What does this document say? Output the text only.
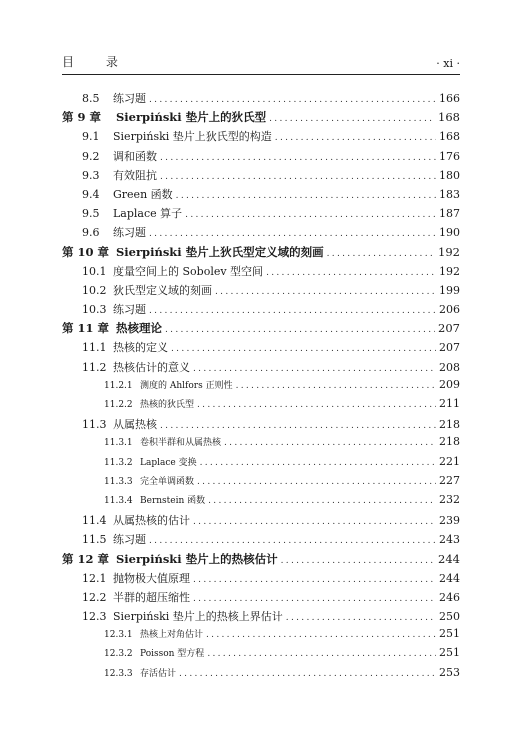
目 录	· xi ·
8.5	练习题 .....	166
第 9 章	Sierpiński 垫片上的狄氏型 .....	168
9.1	Sierpiński 垫片上狄氏型的构造 .....	168
9.2	调和函数 .....	176
9.3	有效阻抗 .....	180
9.4	Green 函数 .....	183
9.5	Laplace 算子 .....	187
9.6	练习题 .....	190
第 10 章 Sierpiński 垫片上狄氏型定义域的刻画 .....	192
10.1 度量空间上的 Sobolev 型空间 .....	192
10.2 狄氏型定义域的刻画 .....	199
10.3 练习题 .....	206
第 11 章 热核理论 .....	207
11.1 热核的定义 .....	207
11.2 热核估计的意义 .....	208
11.2.1 测度的 Ahlfors 正则性 .....	209
11.2.2 热核的狄氏型 .....	211
11.3 从属热核 .....	218
11.3.1 卷积半群和从属热核 .....	218
11.3.2 Laplace 变换 .....	221
11.3.3 完全单调函数 .....	227
11.3.4 Bernstein 函数 .....	232
11.4 从属热核的估计 .....	239
11.5 练习题 .....	243
第 12 章 Sierpiński 垫片上的热核估计 .....	244
12.1 抛物极大值原理 .....	244
12.2 半群的超压缩性 .....	246
12.3 Sierpiński 垫片上的热核上界估计 .....	250
12.3.1 热核上对角估计 .....	251
12.3.2 Poisson 型方程 .....	251
12.3.3 存活估计 .....	253
